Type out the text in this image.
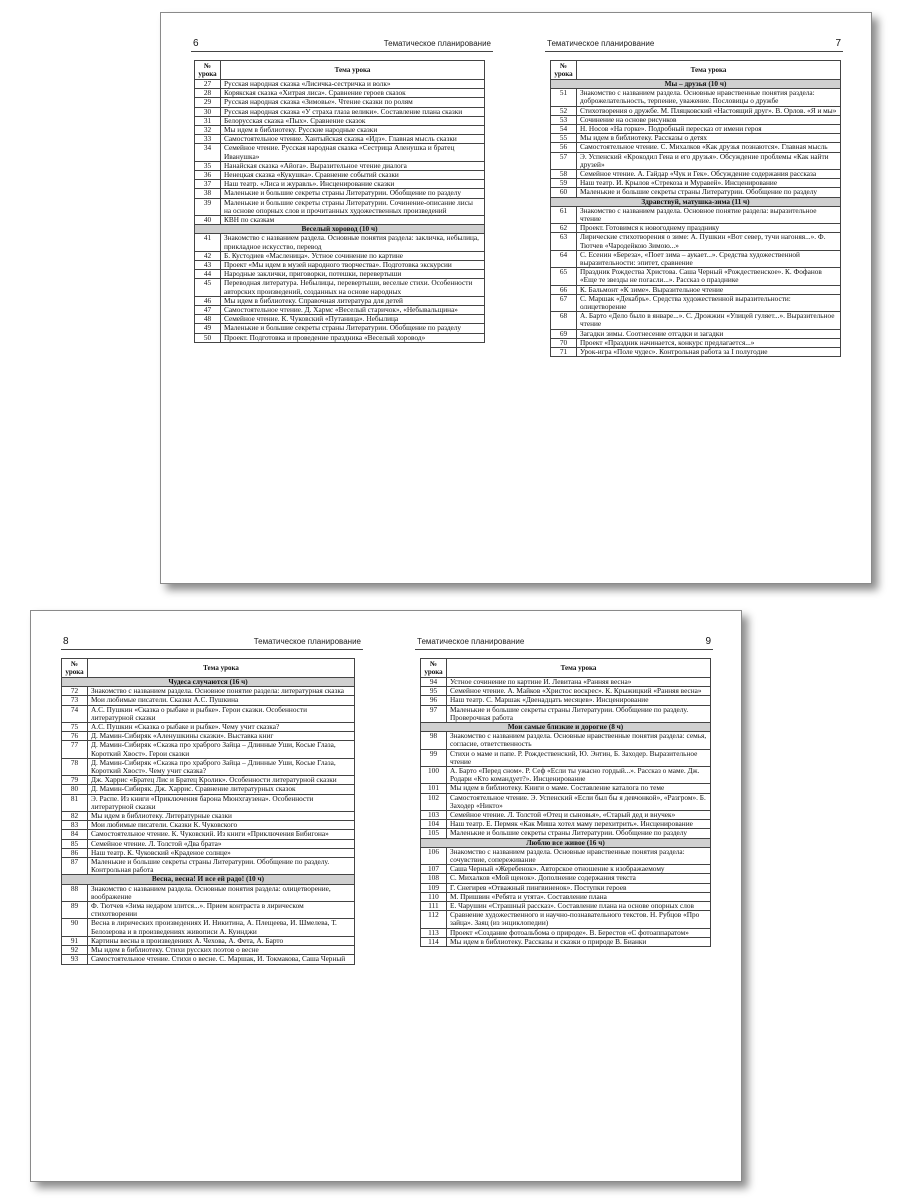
6	Тематическое планирование
№ урока	Тема урока
27	Русская народная сказка «Лисичка-сестричка и волк»
28	Корякская сказка «Хитрая лиса». Сравнение героев сказок
29	Русская народная сказка «Зимовье». Чтение сказки по ролям
30	Русская народная сказка «У страха глаза велики». Составление плана сказки
31	Белорусская сказка «Пых». Сравнение сказок
32	Мы идем в библиотеку. Русские народные сказки
33	Самостоятельное чтение. Хантыйская сказка «Идэ». Главная мысль сказки
34	Семейное чтение. Русская народная сказка «Сестрица Аленушка и братец Иванушка»
35	Нанайская сказка «Айога». Выразительное чтение диалога
36	Ненецкая сказка «Кукушка». Сравнение событий сказки
37	Наш театр. «Лиса и журавль». Инсценирование сказки
38	Маленькие и большие секреты страны Литературии. Обобщение по разделу
39	Маленькие и большие секреты страны Литературии. Сочинение-описание лисы на основе опорных слов и прочитанных художественных произведений
40	КВН по сказкам
Веселый хоровод (10 ч)	
41	Знакомство с названием раздела. Основные понятия раздела: закличка, небылица, прикладное искусство, перевод
42	Б. Кустодиев «Масленица». Устное сочинение по картине
43	Проект «Мы идем в музей народного творчества». Подготовка экскурсии
44	Народные заклички, приговорки, потешки, перевертыши
45	Переводная литература. Небылицы, перевертыши, веселые стихи. Особенности авторских произведений, созданных на основе народных
46	Мы идем в библиотеку. Справочная литература для детей
47	Самостоятельное чтение. Д. Хармс «Веселый старичок», «Небывальщина»
48	Семейное чтение. К. Чуковский «Путаница». Небылица
49	Маленькие и большие секреты страны Литературии. Обобщение по разделу
50	Проект. Подготовка и проведение праздника «Веселый хоровод»
Тематическое планирование	7
№ урока	Тема урока
Мы – друзья (10 ч)	
51	Знакомство с названием раздела. Основные нравственные понятия раздела: доброжелательность, терпение, уважение. Пословицы о дружбе
52	Стихотворения о дружбе. М. Пляцковский «Настоящий друг». В. Орлов. «Я и мы»
53	Сочинение на основе рисунков
54	Н. Носов «На горке». Подробный пересказ от имени героя
55	Мы идем в библиотеку. Рассказы о детях
56	Самостоятельное чтение. С. Михалков «Как друзья познаются». Главная мысль
57	Э. Успенский «Крокодил Гена и его друзья». Обсуждение проблемы «Как найти друзей»
58	Семейное чтение. А. Гайдар «Чук и Гек». Обсуждение содержания рассказа
59	Наш театр. И. Крылов «Стрекоза и Муравей». Инсценирование
60	Маленькие и большие секреты страны Литературии. Обобщение по разделу
Здравствуй, матушка-зима (11 ч)	
61	Знакомство с названием раздела. Основное понятие раздела: выразительное чтение
62	Проект. Готовимся к новогоднему празднику
63	Лирические стихотворения о зиме: А. Пушкин «Вот север, тучи нагоняя...». Ф. Тютчев «Чародейкою Зимою...»
64	С. Есенин «Береза», «Поет зима – аукает...». Средства художественной выразительности: эпитет, сравнение
65	Праздник Рождества Христова. Саша Черный «Рождественское». К. Фофанов «Еще те звезды не погасли...». Рассказ о празднике
66	К. Бальмонт «К зиме». Выразительное чтение
67	С. Маршак «Декабрь». Средства художественной выразительности: олицетворение
68	А. Барто «Дело было в январе...». С. Дрожжин «Улицей гуляет...». Выразительное чтение
69	Загадки зимы. Соотнесение отгадки и загадки
70	Проект «Праздник начинается, конкурс предлагается...»
71	Урок-игра «Поле чудес». Контрольная работа за I полугодие
8	Тематическое планирование
№ урока	Тема урока
Чудеса случаются (16 ч)	
72	Знакомство с названием раздела. Основное понятие раздела: литературная сказка
73	Мои любимые писатели. Сказки А.С. Пушкина
74	А.С. Пушкин «Сказка о рыбаке и рыбке». Герои сказки. Особенности литературной сказки
75	А.С. Пушкин «Сказка о рыбаке и рыбке». Чему учит сказка?
76	Д. Мамин-Сибиряк «Аленушкины сказки». Выставка книг
77	Д. Мамин-Сибиряк «Сказка про храброго Зайца – Длинные Уши, Косые Глаза, Короткий Хвост». Герои сказки
78	Д. Мамин-Сибиряк «Сказка про храброго Зайца – Длинные Уши, Косые Глаза, Короткий Хвост». Чему учит сказка?
79	Дж. Харрис «Братец Лис и Братец Кролик». Особенности литературной сказки
80	Д. Мамин-Сибиряк. Дж. Харрис. Сравнение литературных сказок
81	Э. Распе. Из книги «Приключения барона Мюнхгаузена». Особенности литературной сказки
82	Мы идем в библиотеку. Литературные сказки
83	Мои любимые писатели. Сказки К. Чуковского
84	Самостоятельное чтение. К. Чуковский. Из книги «Приключения Бибигона»
85	Семейное чтение. Л. Толстой «Два брата»
86	Наш театр. К. Чуковский «Краденое солнце»
87	Маленькие и большие секреты страны Литературии. Обобщение по разделу. Контрольная работа
Весна, весна! И все ей радо! (10 ч)	
88	Знакомство с названием раздела. Основные понятия раздела: олицетворение, воображение
89	Ф. Тютчев «Зима недаром злится...». Прием контраста в лирическом стихотворении
90	Весна в лирических произведениях И. Никитина, А. Плещеева, И. Шмелева, Т. Белозерова и в произведениях живописи А. Куинджи
91	Картины весны в произведениях А. Чехова, А. Фета, А. Барто
92	Мы идем в библиотеку. Стихи русских поэтов о весне
93	Самостоятельное чтение. Стихи о весне. С. Маршак, И. Токмакова, Саша Черный
Тематическое планирование	9
№ урока	Тема урока
94	Устное сочинение по картине И. Левитана «Ранняя весна»
95	Семейное чтение. А. Майков «Христос воскрес». К. Крыжицкий «Ранняя весна»
96	Наш театр. С. Маршак «Двенадцать месяцев». Инсценирование
97	Маленькие и большие секреты страны Литературии. Обобщение по разделу. Проверочная работа
Мои самые близкие и дорогие (8 ч)	
98	Знакомство с названием раздела. Основные нравственные понятия раздела: семья, согласие, ответственность
99	Стихи о маме и папе. Р. Рождественский, Ю. Энтин, Б. Заходер. Выразительное чтение
100	А. Барто «Перед сном». Р. Сеф «Если ты ужасно гордый...». Рассказ о маме. Дж. Родари «Кто командует?». Инсценирование
101	Мы идем в библиотеку. Книги о маме. Составление каталога по теме
102	Самостоятельное чтение. Э. Успенский «Если был бы я девчонкой», «Разгром». Б. Заходер «Никто»
103	Семейное чтение. Л. Толстой «Отец и сыновья», «Старый дед и внучек»
104	Наш театр. Е. Пермяк «Как Миша хотел маму перехитрить». Инсценирование
105	Маленькие и большие секреты страны Литературии. Обобщение по разделу
Люблю все живое (16 ч)	
106	Знакомство с названием раздела. Основные нравственные понятия раздела: сочувствие, сопереживание
107	Саша Черный «Жеребенок». Авторское отношение к изображаемому
108	С. Михалков «Мой щенок». Дополнение содержания текста
109	Г. Снегирев «Отважный пингвиненок». Поступки героев
110	М. Пришвин «Ребята и утята». Составление плана
111	Е. Чарушин «Страшный рассказ». Составление плана на основе опорных слов
112	Сравнение художественного и научно-познавательного текстов. Н. Рубцов «Про зайца». Заяц (из энциклопедии)
113	Проект «Создание фотоальбома о природе». В. Берестов «С фотоаппаратом»
114	Мы идем в библиотеку. Рассказы и сказки о природе В. Бианки
